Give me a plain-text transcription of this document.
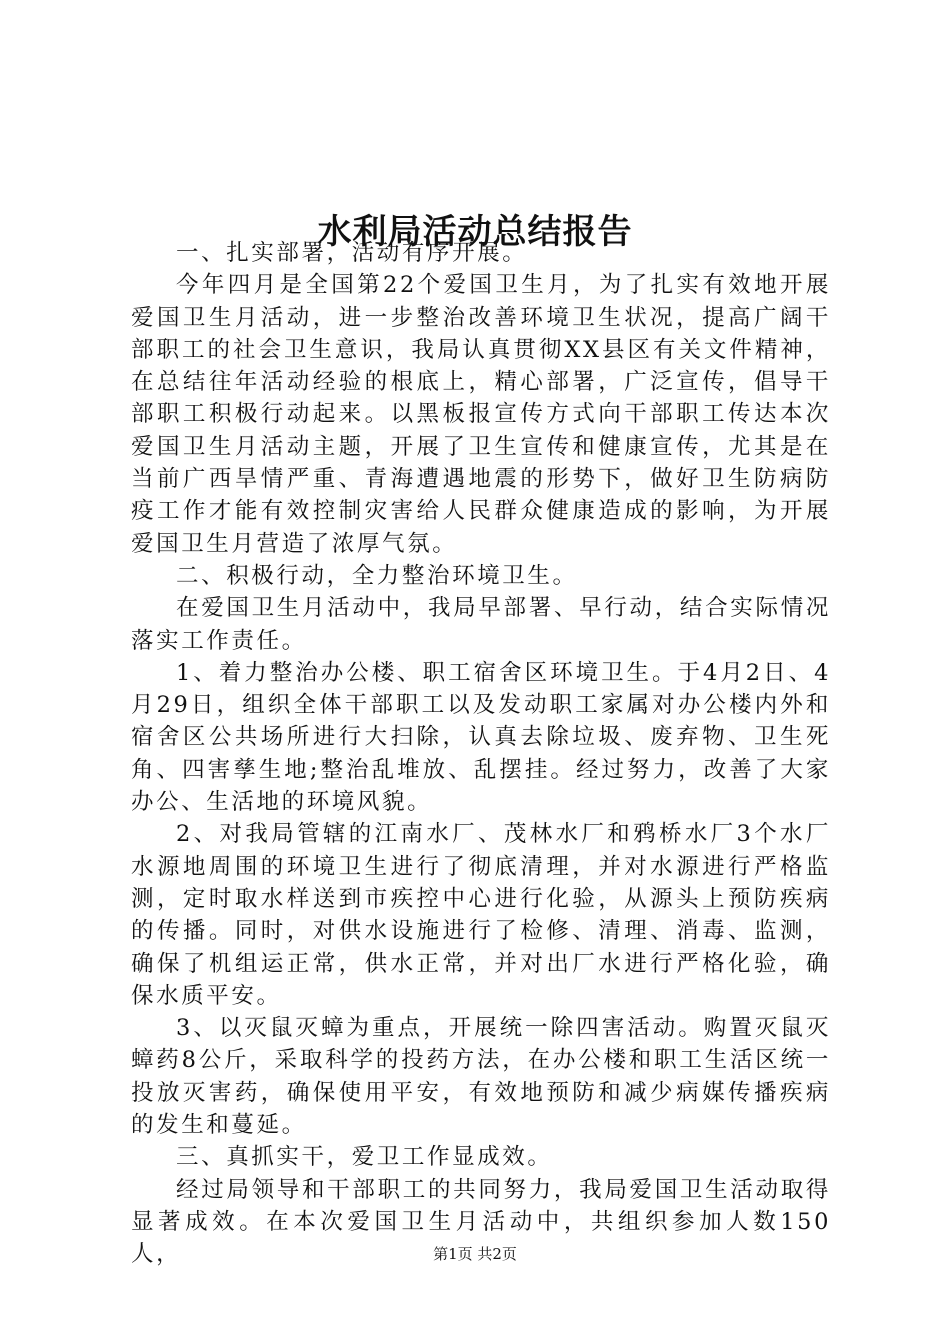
水利局活动总结报告

一、扎实部署，活动有序开展。

今年四月是全国第22个爱国卫生月，为了扎实有效地开展爱国卫生月活动，进一步整治改善环境卫生状况，提高广阔干部职工的社会卫生意识，我局认真贯彻XX县区有关文件精神，在总结往年活动经验的根底上，精心部署，广泛宣传，倡导干部职工积极行动起来。以黑板报宣传方式向干部职工传达本次爱国卫生月活动主题，开展了卫生宣传和健康宣传，尤其是在当前广西旱情严重、青海遭遇地震的形势下，做好卫生防病防疫工作才能有效控制灾害给人民群众健康造成的影响，为开展爱国卫生月营造了浓厚气氛。

二、积极行动，全力整治环境卫生。

在爱国卫生月活动中，我局早部署、早行动，结合实际情况落实工作责任。

1、着力整治办公楼、职工宿舍区环境卫生。于4月2日、4月29日，组织全体干部职工以及发动职工家属对办公楼内外和宿舍区公共场所进行大扫除，认真去除垃圾、废弃物、卫生死角、四害孳生地;整治乱堆放、乱摆挂。经过努力，改善了大家办公、生活地的环境风貌。

2、对我局管辖的江南水厂、茂林水厂和鸦桥水厂3个水厂水源地周围的环境卫生进行了彻底清理，并对水源进行严格监测，定时取水样送到市疾控中心进行化验，从源头上预防疾病的传播。同时，对供水设施进行了检修、清理、消毒、监测，确保了机组运正常，供水正常，并对出厂水进行严格化验，确保水质平安。

3、以灭鼠灭蟑为重点，开展统一除四害活动。购置灭鼠灭蟑药8公斤，采取科学的投药方法，在办公楼和职工生活区统一投放灭害药，确保使用平安，有效地预防和减少病媒传播疾病的发生和蔓延。

三、真抓实干，爱卫工作显成效。

经过局领导和干部职工的共同努力，我局爱国卫生活动取得显著成效。在本次爱国卫生月活动中，共组织参加人数150人，	第1页 共2页
